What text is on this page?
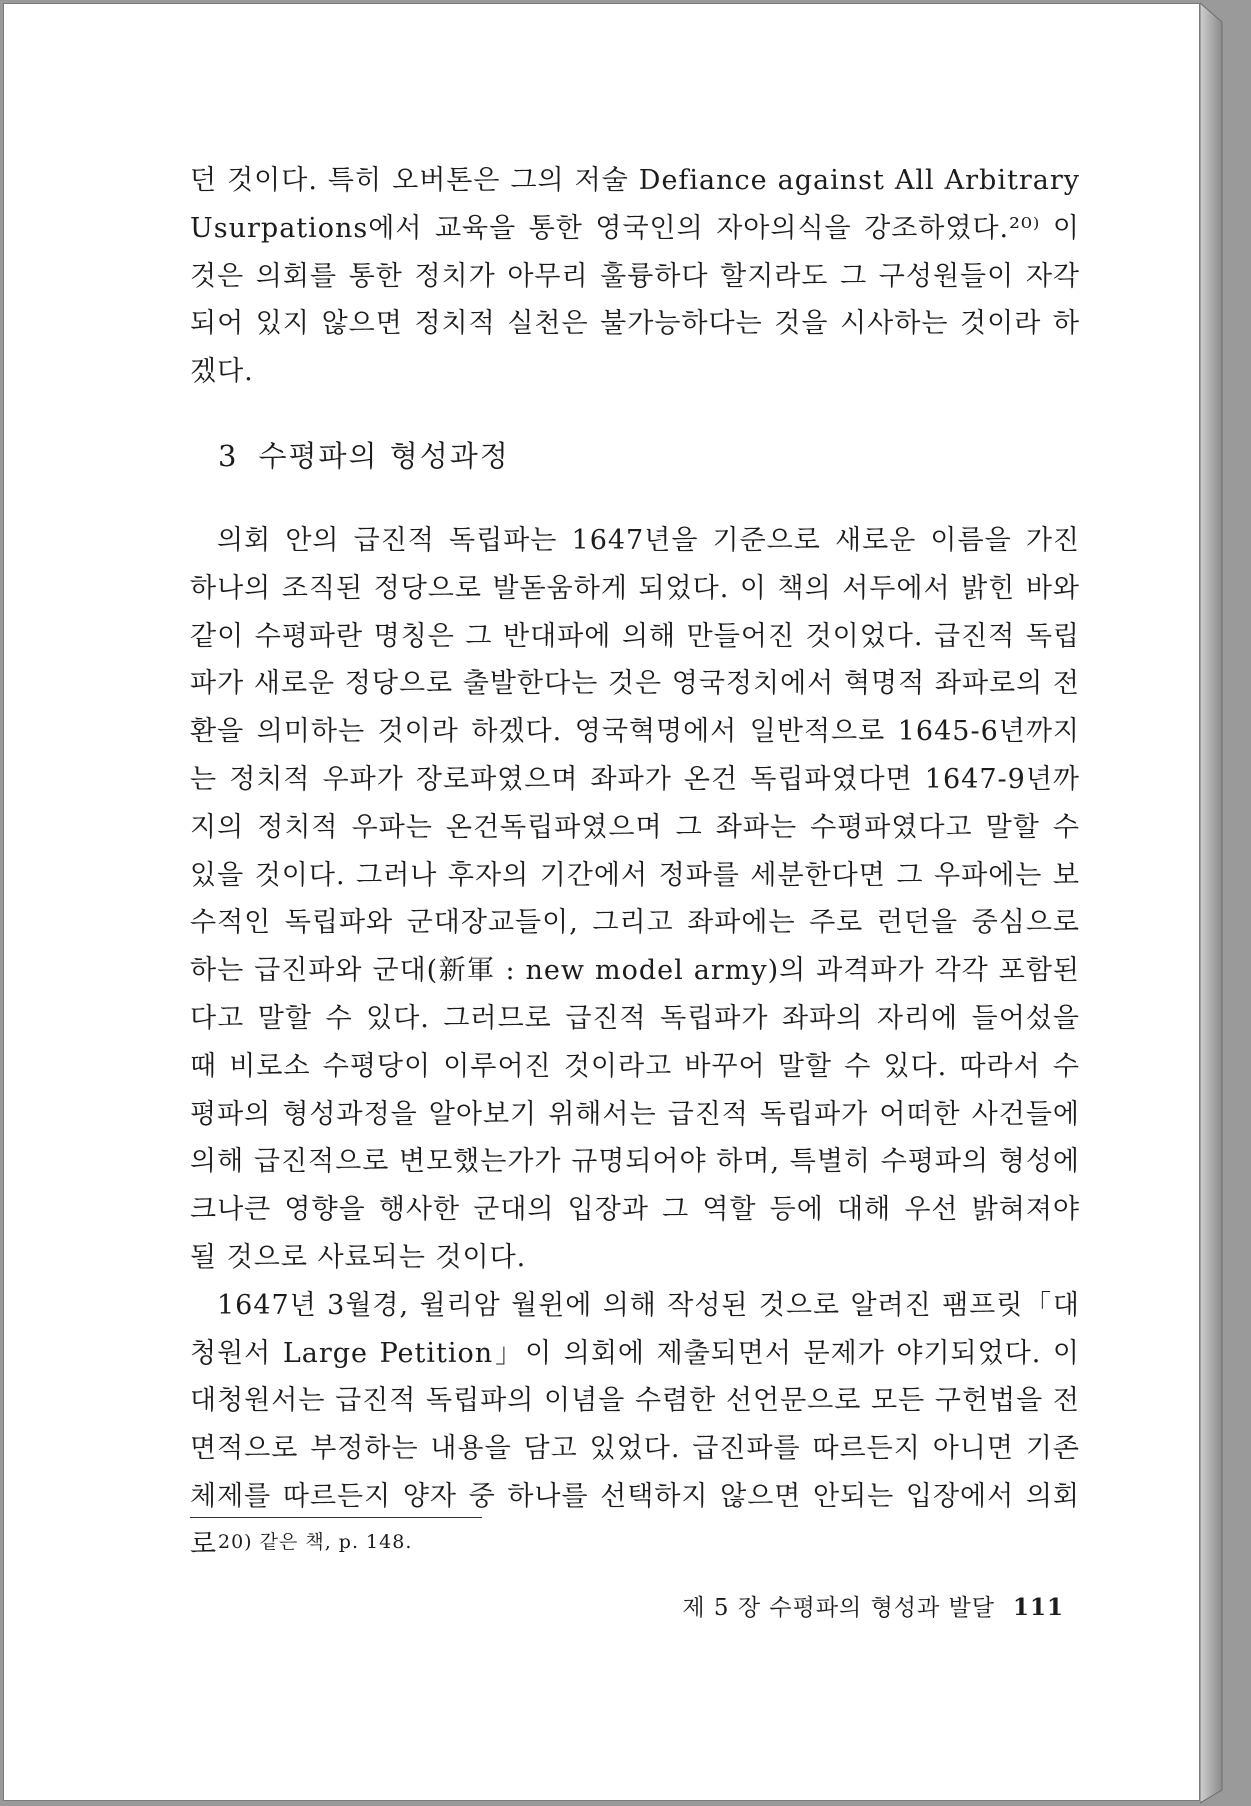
던 것이다. 특히 오버톤은 그의 저술 Defiance against All Arbitrary Usurpations에서 교육을 통한 영국인의 자아의식을 강조하였다.²⁰⁾ 이것은 의회를 통한 정치가 아무리 훌륭하다 할지라도 그 구성원들이 자각되어 있지 않으면 정치적 실천은 불가능하다는 것을 시사하는 것이라 하겠다.

3 수평파의 형성과정

의회 안의 급진적 독립파는 1647년을 기준으로 새로운 이름을 가진 하나의 조직된 정당으로 발돋움하게 되었다. 이 책의 서두에서 밝힌 바와 같이 수평파란 명칭은 그 반대파에 의해 만들어진 것이었다. 급진적 독립파가 새로운 정당으로 출발한다는 것은 영국정치에서 혁명적 좌파로의 전환을 의미하는 것이라 하겠다. 영국혁명에서 일반적으로 1645-6년까지는 정치적 우파가 장로파였으며 좌파가 온건 독립파였다면 1647-9년까지의 정치적 우파는 온건독립파였으며 그 좌파는 수평파였다고 말할 수 있을 것이다. 그러나 후자의 기간에서 정파를 세분한다면 그 우파에는 보수적인 독립파와 군대장교들이, 그리고 좌파에는 주로 런던을 중심으로 하는 급진파와 군대(新軍 : new model army)의 과격파가 각각 포함된다고 말할 수 있다. 그러므로 급진적 독립파가 좌파의 자리에 들어섰을 때 비로소 수평당이 이루어진 것이라고 바꾸어 말할 수 있다. 따라서 수평파의 형성과정을 알아보기 위해서는 급진적 독립파가 어떠한 사건들에 의해 급진적으로 변모했는가가 규명되어야 하며, 특별히 수평파의 형성에 크나큰 영향을 행사한 군대의 입장과 그 역할 등에 대해 우선 밝혀져야 될 것으로 사료되는 것이다.

1647년 3월경, 윌리암 월윈에 의해 작성된 것으로 알려진 팸프릿「대청원서 Large Petition」이 의회에 제출되면서 문제가 야기되었다. 이 대청원서는 급진적 독립파의 이념을 수렴한 선언문으로 모든 구헌법을 전면적으로 부정하는 내용을 담고 있었다. 급진파를 따르든지 아니면 기존 체제를 따르든지 양자 중 하나를 선택하지 않으면 안되는 입장에서 의회로 20) 같은 책, p. 148.
제 5 장 수평파의 형성과 발달 111
